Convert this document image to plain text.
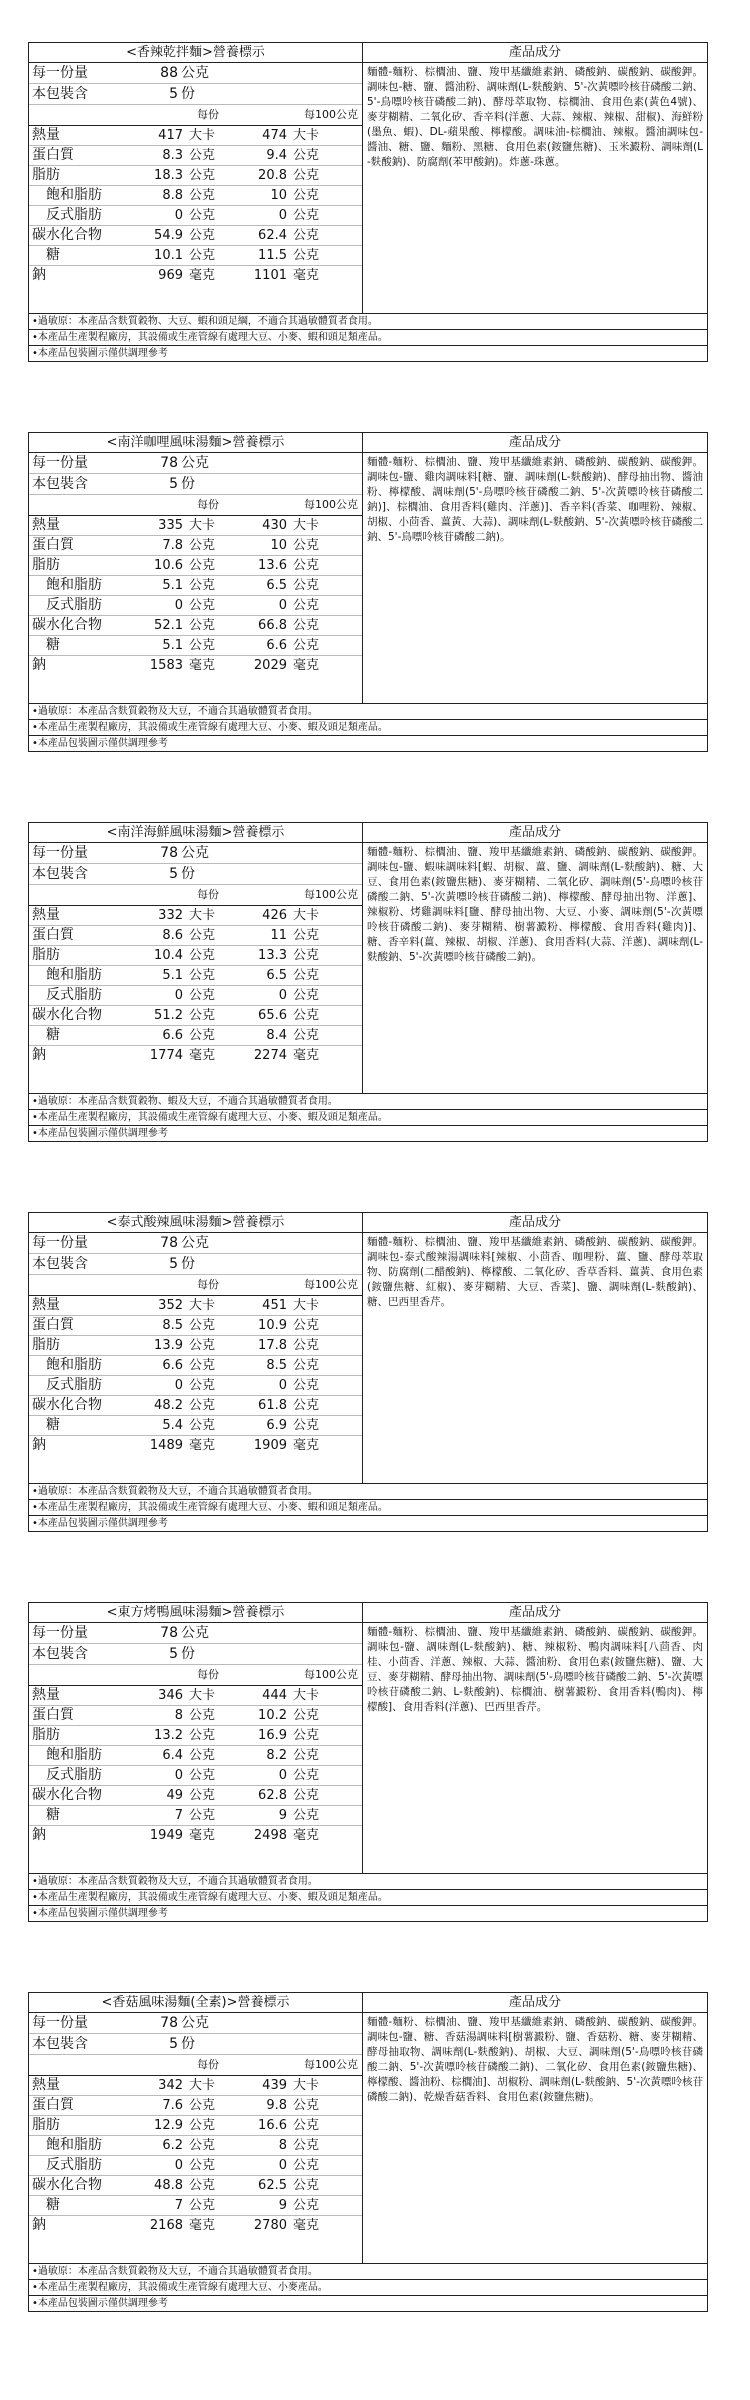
<香辣乾拌麵>營養標示
每一份量	88 公克
本包裝含	5 份
每份	每100公克
熱量	417 大卡	474 大卡
蛋白質	8.3 公克	9.4 公克
脂肪	18.3 公克	20.8 公克
飽和脂肪	8.8 公克	10 公克
反式脂肪	0 公克	0 公克
碳水化合物	54.9 公克	62.4 公克
糖	10.1 公克	11.5 公克
鈉	969 毫克	1101 毫克
產品成分
麵體-麵粉、棕櫚油、鹽、羧甲基纖維素鈉、磷酸鈉、碳酸鈉、碳酸鉀。調味包-糖、鹽、醬油粉、調味劑(L-麩酸鈉、5'-次黃嘌呤核苷磷酸二鈉、5'-鳥嘌呤核苷磷酸二鈉)、酵母萃取物、棕櫚油、食用色素(黃色4號)、麥芽糊精、二氧化矽、香辛料(洋蔥、大蒜、辣椒、辣椒、甜椒)、海鮮粉(墨魚、蝦)、DL-蘋果酸、檸檬酸。調味油-棕櫚油、辣椒。醬油調味包-醬油、糖、鹽、麵粉、黑糖、食用色素(銨鹽焦糖)、玉米澱粉、調味劑(L-麩酸鈉)、防腐劑(苯甲酸鈉)。炸蔥-珠蔥。
•過敏原：本產品含麩質穀物、大豆、蝦和頭足綱，不適合其過敏體質者食用。
•本產品生產製程廠房，其設備或生產管線有處理大豆、小麥、蝦和頭足類產品。
•本產品包裝圖示僅供調理參考
<南洋咖哩風味湯麵>營養標示
每一份量	78 公克
本包裝含	5 份
每份	每100公克
熱量	335 大卡	430 大卡
蛋白質	7.8 公克	10 公克
脂肪	10.6 公克	13.6 公克
飽和脂肪	5.1 公克	6.5 公克
反式脂肪	0 公克	0 公克
碳水化合物	52.1 公克	66.8 公克
糖	5.1 公克	6.6 公克
鈉	1583 毫克	2029 毫克
產品成分
麵體-麵粉、棕櫚油、鹽、羧甲基纖維素鈉、磷酸鈉、碳酸鈉、碳酸鉀。調味包-鹽、雞肉調味料[糖、鹽、調味劑(L-麩酸鈉)、酵母抽出物、醬油粉、檸檬酸、調味劑(5'-鳥嘌呤核苷磷酸二鈉、5'-次黃嘌呤核苷磷酸二鈉)]、棕櫚油、食用香料(雞肉、洋蔥)]、香辛料(香菜、咖哩粉、辣椒、胡椒、小茴香、薑黃、大蒜)、調味劑(L-麩酸鈉、5'-次黃嘌呤核苷磷酸二鈉、5'-鳥嘌呤核苷磷酸二鈉)。
•過敏原：本產品含麩質穀物及大豆，不適合其過敏體質者食用。
•本產品生產製程廠房，其設備或生產管線有處理大豆、小麥、蝦及頭足類產品。
•本產品包裝圖示僅供調理參考
<南洋海鮮風味湯麵>營養標示
每一份量	78 公克
本包裝含	5 份
每份	每100公克
熱量	332 大卡	426 大卡
蛋白質	8.6 公克	11 公克
脂肪	10.4 公克	13.3 公克
飽和脂肪	5.1 公克	6.5 公克
反式脂肪	0 公克	0 公克
碳水化合物	51.2 公克	65.6 公克
糖	6.6 公克	8.4 公克
鈉	1774 毫克	2274 毫克
產品成分
麵體-麵粉、棕櫚油、鹽、羧甲基纖維素鈉、磷酸鈉、碳酸鈉、碳酸鉀。調味包-鹽、蝦味調味料[蝦、胡椒、薑、鹽、調味劑(L-麩酸鈉)、糖、大豆、食用色素(銨鹽焦糖)、麥芽糊精、二氧化矽、調味劑(5'-鳥嘌呤核苷磷酸二鈉、5'-次黃嘌呤核苷磷酸二鈉)、檸檬酸、酵母抽出物、洋蔥]、辣椒粉、烤雞調味料[鹽、酵母抽出物、大豆、小麥、調味劑(5'-次黃嘌呤核苷磷酸二鈉)、麥芽糊精、樹薯澱粉、檸檬酸、食用香料(雞肉)]、糖、香辛料(薑、辣椒、胡椒、洋蔥)、食用香料(大蒜、洋蔥)、調味劑(L-麩酸鈉、5'-次黃嘌呤核苷磷酸二鈉)。
•過敏原：本產品含麩質穀物、蝦及大豆，不適合其過敏體質者食用。
•本產品生產製程廠房，其設備或生產管線有處理大豆、小麥、蝦及頭足類產品。
•本產品包裝圖示僅供調理參考
<泰式酸辣風味湯麵>營養標示
每一份量	78 公克
本包裝含	5 份
每份	每100公克
熱量	352 大卡	451 大卡
蛋白質	8.5 公克	10.9 公克
脂肪	13.9 公克	17.8 公克
飽和脂肪	6.6 公克	8.5 公克
反式脂肪	0 公克	0 公克
碳水化合物	48.2 公克	61.8 公克
糖	5.4 公克	6.9 公克
鈉	1489 毫克	1909 毫克
產品成分
麵體-麵粉、棕櫚油、鹽、羧甲基纖維素鈉、磷酸鈉、碳酸鈉、碳酸鉀。調味包-泰式酸辣湯調味料[辣椒、小茴香、咖哩粉、薑、鹽、酵母萃取物、防腐劑(二醋酸鈉)、檸檬酸、二氧化矽、香草香料、薑黃、食用色素(銨鹽焦糖、紅椒)、麥芽糊精、大豆、香菜]、鹽、調味劑(L-麩酸鈉)、糖、巴西里香芹。
•過敏原：本產品含麩質穀物及大豆，不適合其過敏體質者食用。
•本產品生產製程廠房，其設備或生產管線有處理大豆、小麥、蝦和頭足類產品。
•本產品包裝圖示僅供調理參考
<東方烤鴨風味湯麵>營養標示
每一份量	78 公克
本包裝含	5 份
每份	每100公克
熱量	346 大卡	444 大卡
蛋白質	8 公克	10.2 公克
脂肪	13.2 公克	16.9 公克
飽和脂肪	6.4 公克	8.2 公克
反式脂肪	0 公克	0 公克
碳水化合物	49 公克	62.8 公克
糖	7 公克	9 公克
鈉	1949 毫克	2498 毫克
產品成分
麵體-麵粉、棕櫚油、鹽、羧甲基纖維素鈉、磷酸鈉、碳酸鈉、碳酸鉀。調味包-鹽、調味劑(L-麩酸鈉)、糖、辣椒粉、鴨肉調味料[八茴香、肉桂、小茴香、洋蔥、辣椒、大蒜、醬油粉、食用色素(銨鹽焦糖)、鹽、大豆、麥芽糊精、酵母抽出物、調味劑(5'-鳥嘌呤核苷磷酸二鈉、5'-次黃嘌呤核苷磷酸二鈉、L-麩酸鈉)、棕櫚油、樹薯澱粉、食用香料(鴨肉)、檸檬酸]、食用香料(洋蔥)、巴西里香芹。
•過敏原：本產品含麩質穀物及大豆，不適合其過敏體質者食用。
•本產品生產製程廠房，其設備或生產管線有處理大豆、小麥、蝦及頭足類產品。
•本產品包裝圖示僅供調理參考
<香菇風味湯麵(全素)>營養標示
每一份量	78 公克
本包裝含	5 份
每份	每100公克
熱量	342 大卡	439 大卡
蛋白質	7.6 公克	9.8 公克
脂肪	12.9 公克	16.6 公克
飽和脂肪	6.2 公克	8 公克
反式脂肪	0 公克	0 公克
碳水化合物	48.8 公克	62.5 公克
糖	7 公克	9 公克
鈉	2168 毫克	2780 毫克
產品成分
麵體-麵粉、棕櫚油、鹽、羧甲基纖維素鈉、磷酸鈉、碳酸鈉、碳酸鉀。調味包-鹽、糖、香菇湯調味料[樹薯澱粉、鹽、香菇粉、糖、麥芽糊精、酵母抽取物、調味劑(L-麩酸鈉)、胡椒、大豆、調味劑(5'-鳥嘌呤核苷磷酸二鈉、5'-次黃嘌呤核苷磷酸二鈉)、二氧化矽、食用色素(銨鹽焦糖)、檸檬酸、醬油粉、棕櫚油]、胡椒粉、調味劑(L-麩酸鈉、5'-次黃嘌呤核苷磷酸二鈉)、乾燥香菇香料、食用色素(銨鹽焦糖)。
•過敏原：本產品含麩質穀物及大豆，不適合其過敏體質者食用。
•本產品生產製程廠房，其設備或生產管線有處理大豆、小麥產品。
•本產品包裝圖示僅供調理參考
